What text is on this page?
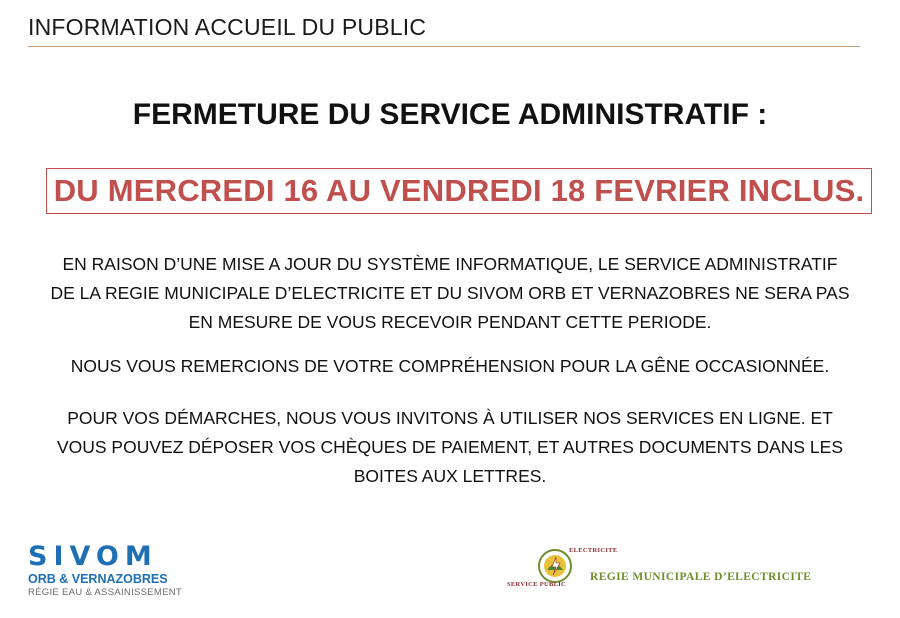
INFORMATION ACCUEIL DU PUBLIC
FERMETURE DU SERVICE ADMINISTRATIF :
DU MERCREDI 16 AU VENDREDI 18 FEVRIER INCLUS.
EN RAISON D’UNE MISE A JOUR DU SYSTÈME INFORMATIQUE, LE SERVICE ADMINISTRATIF
DE LA REGIE MUNICIPALE D’ELECTRICITE ET DU SIVOM ORB ET VERNAZOBRES NE SERA PAS
EN MESURE DE VOUS RECEVOIR PENDANT CETTE PERIODE.
NOUS VOUS REMERCIONS DE VOTRE COMPRÉHENSION POUR LA GÊNE OCCASIONNÉE.
POUR VOS DÉMARCHES, NOUS VOUS INVITONS À UTILISER NOS SERVICES EN LIGNE. ET
VOUS POUVEZ DÉPOSER VOS CHÈQUES DE PAIEMENT, ET AUTRES DOCUMENTS DANS LES
BOITES AUX LETTRES.
SIVOM
ORB & VERNAZOBRES
RÉGIE EAU & ASSAINISSEMENT
ELECTRICITE
SERVICE PUBLIC
REGIE MUNICIPALE D’ELECTRICITE
